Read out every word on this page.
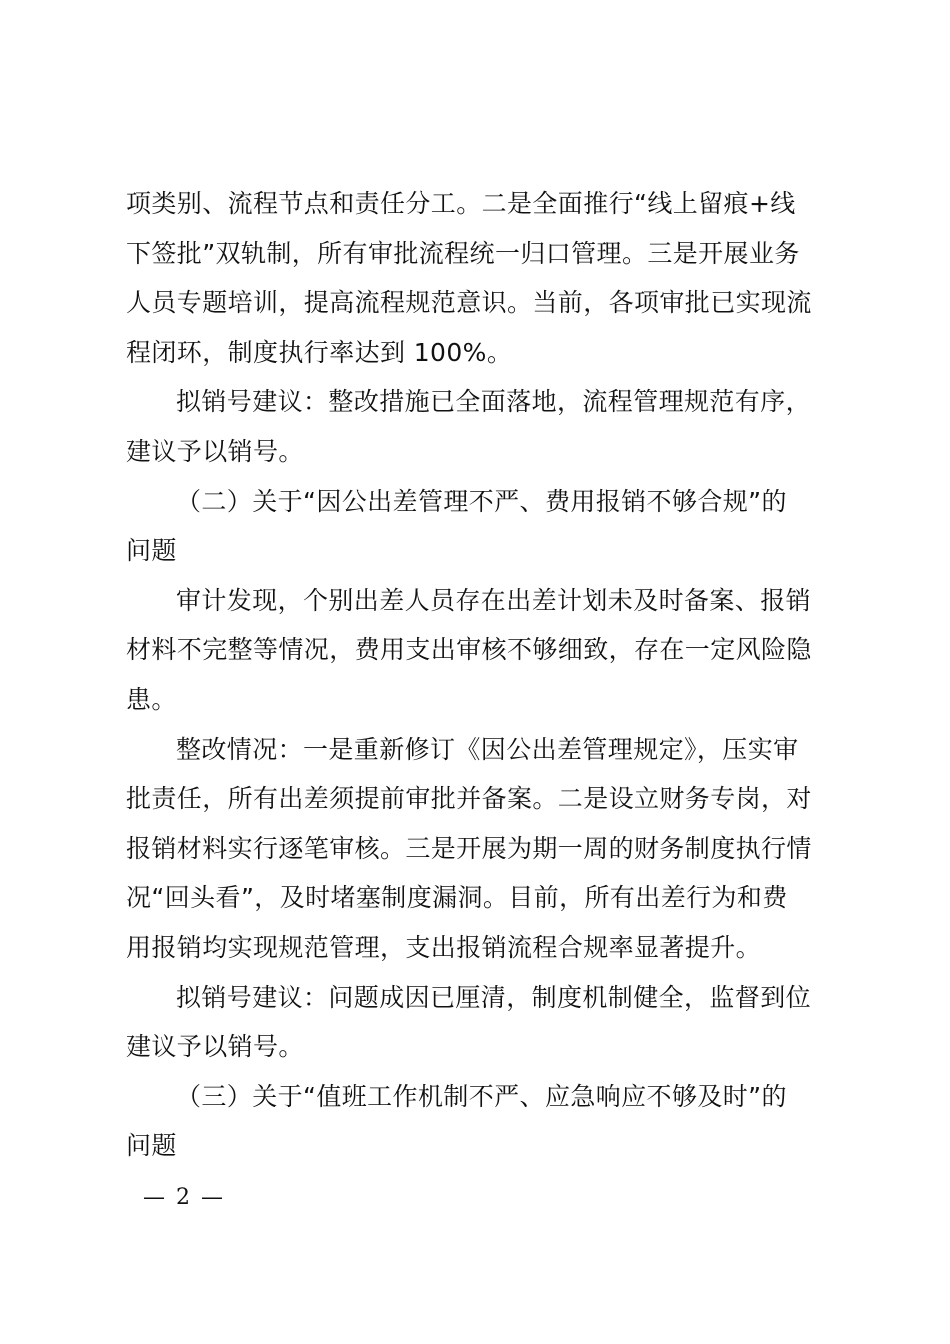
项类别、流程节点和责任分工。二是全面推行“线上留痕+线
下签批”双轨制，所有审批流程统一归口管理。三是开展业务
人员专题培训，提高流程规范意识。当前，各项审批已实现流
程闭环，制度执行率达到 100%。
拟销号建议：整改措施已全面落地，流程管理规范有序，
建议予以销号。
（二）关于“因公出差管理不严、费用报销不够合规”的
问题
审计发现，个别出差人员存在出差计划未及时备案、报销
材料不完整等情况，费用支出审核不够细致，存在一定风险隐
患。
整改情况：一是重新修订《因公出差管理规定》，压实审
批责任，所有出差须提前审批并备案。二是设立财务专岗，对
报销材料实行逐笔审核。三是开展为期一周的财务制度执行情
况“回头看”，及时堵塞制度漏洞。目前，所有出差行为和费
用报销均实现规范管理，支出报销流程合规率显著提升。
拟销号建议：问题成因已厘清，制度机制健全，监督到位
建议予以销号。
（三）关于“值班工作机制不严、应急响应不够及时”的
问题
— 2 —
